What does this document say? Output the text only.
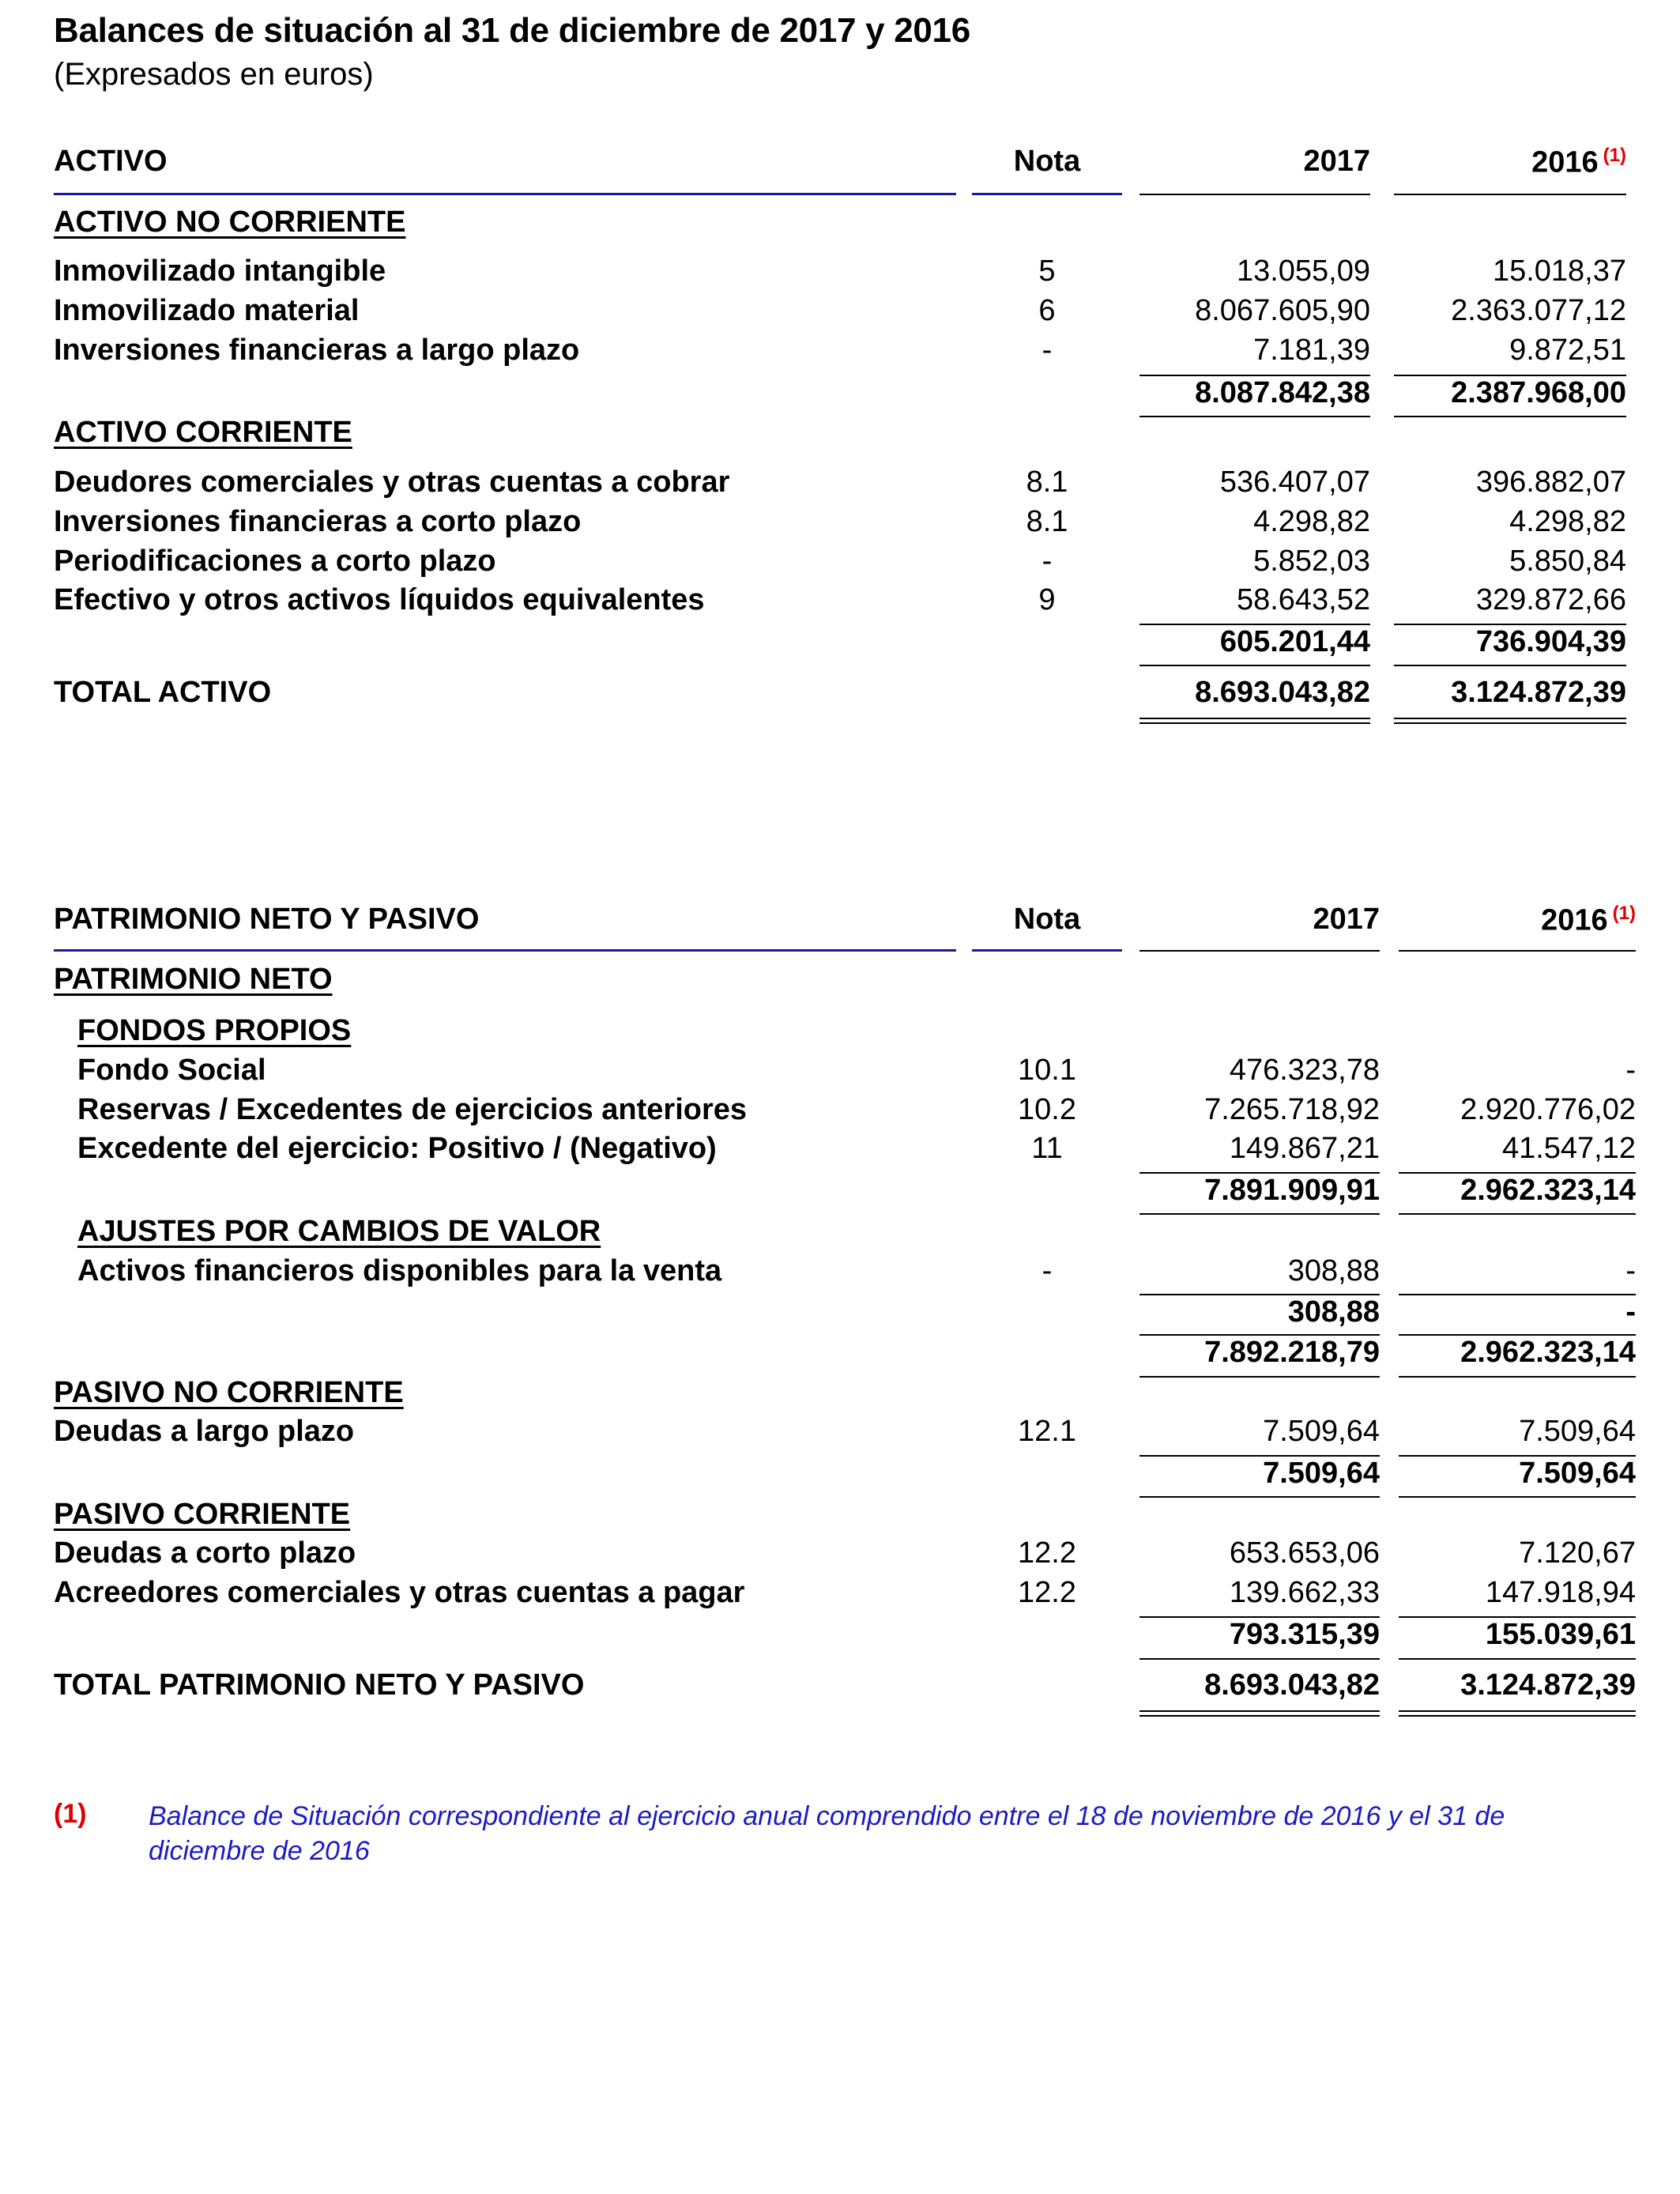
Balances de situación al 31 de diciembre de 2017 y 2016
(Expresados en euros)
ACTIVO	Nota	2017	2016 $^{(1)}$
ACTIVO NO CORRIENTE
Inmovilizado intangible	5	13.055,09	15.018,37
Inmovilizado material	6	8.067.605,90	2.363.077,12
Inversiones financieras a largo plazo	-	7.181,39	9.872,51
8.087.842,38	2.387.968,00
ACTIVO CORRIENTE
Deudores comerciales y otras cuentas a cobrar	8.1	536.407,07	396.882,07
Inversiones financieras a corto plazo	8.1	4.298,82	4.298,82
Periodificaciones a corto plazo	-	5.852,03	5.850,84
Efectivo y otros activos líquidos equivalentes	9	58.643,52	329.872,66
605.201,44	736.904,39
TOTAL ACTIVO	8.693.043,82	3.124.872,39
PATRIMONIO NETO Y PASIVO	Nota	2017	2016 $^{(1)}$
PATRIMONIO NETO
FONDOS PROPIOS
Fondo Social	10.1	476.323,78	-
Reservas / Excedentes de ejercicios anteriores	10.2	7.265.718,92	2.920.776,02
Excedente del ejercicio: Positivo / (Negativo)	11	149.867,21	41.547,12
7.891.909,91	2.962.323,14
AJUSTES POR CAMBIOS DE VALOR
Activos financieros disponibles para la venta	-	308,88	-
308,88	-
7.892.218,79	2.962.323,14
PASIVO NO CORRIENTE
Deudas a largo plazo	12.1	7.509,64	7.509,64
7.509,64	7.509,64
PASIVO CORRIENTE
Deudas a corto plazo	12.2	653.653,06	7.120,67
Acreedores comerciales y otras cuentas a pagar	12.2	139.662,33	147.918,94
793.315,39	155.039,61
TOTAL PATRIMONIO NETO Y PASIVO	8.693.043,82	3.124.872,39
(1) Balance de Situación correspondiente al ejercicio anual comprendido entre el 18 de noviembre de 2016 y el 31 de diciembre de 2016
